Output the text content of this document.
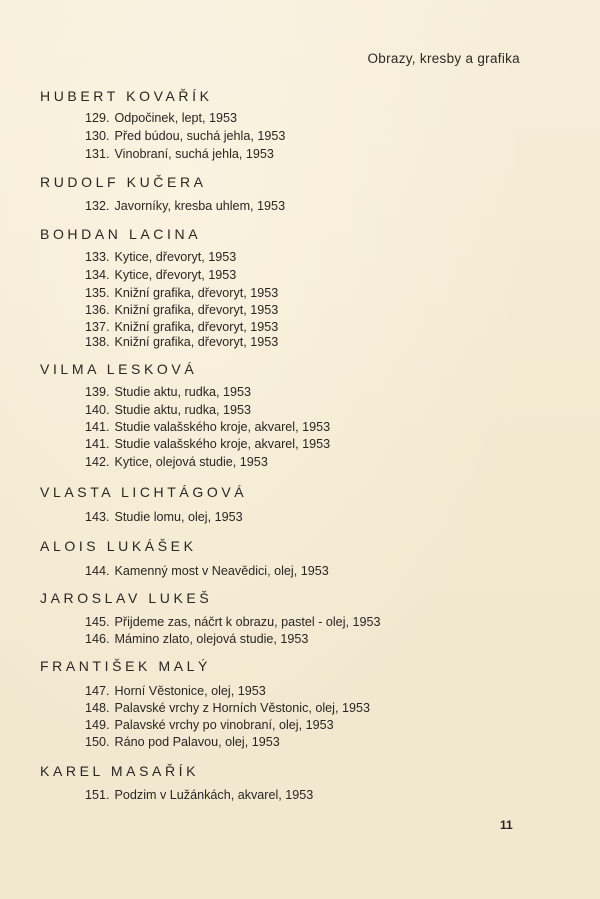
Obrazy, kresby a grafika
HUBERT KOVAŘÍK
129. Odpočinek, lept, 1953
130. Před búdou, suchá jehla, 1953
131. Vinobraní, suchá jehla, 1953
RUDOLF KUČERA
132. Javorníky, kresba uhlem, 1953
BOHDAN LACINA
133. Kytice, dřevoryt, 1953
134. Kytice, dřevoryt, 1953
135. Knižní grafika, dřevoryt, 1953
136. Knižní grafika, dřevoryt, 1953
137. Knižní grafika, dřevoryt, 1953
138. Knižní grafika, dřevoryt, 1953
VILMA LESKOVÁ
139. Studie aktu, rudka, 1953
140. Studie aktu, rudka, 1953
141. Studie valašského kroje, akvarel, 1953
141. Studie valašského kroje, akvarel, 1953
142. Kytice, olejová studie, 1953
VLASTA LICHTÁGOVÁ
143. Studie lomu, olej, 1953
ALOIS LUKÁŠEK
144. Kamenný most v Neavědici, olej, 1953
JAROSLAV LUKEŠ
145. Přijdeme zas, náčrt k obrazu, pastel - olej, 1953
146. Mámino zlato, olejová studie, 1953
FRANTIŠEK MALÝ
147. Horní Věstonice, olej, 1953
148. Palavské vrchy z Horních Věstonic, olej, 1953
149. Palavské vrchy po vinobraní, olej, 1953
150. Ráno pod Palavou, olej, 1953
KAREL MASAŘÍK
151. Podzim v Lužánkách, akvarel, 1953
11
